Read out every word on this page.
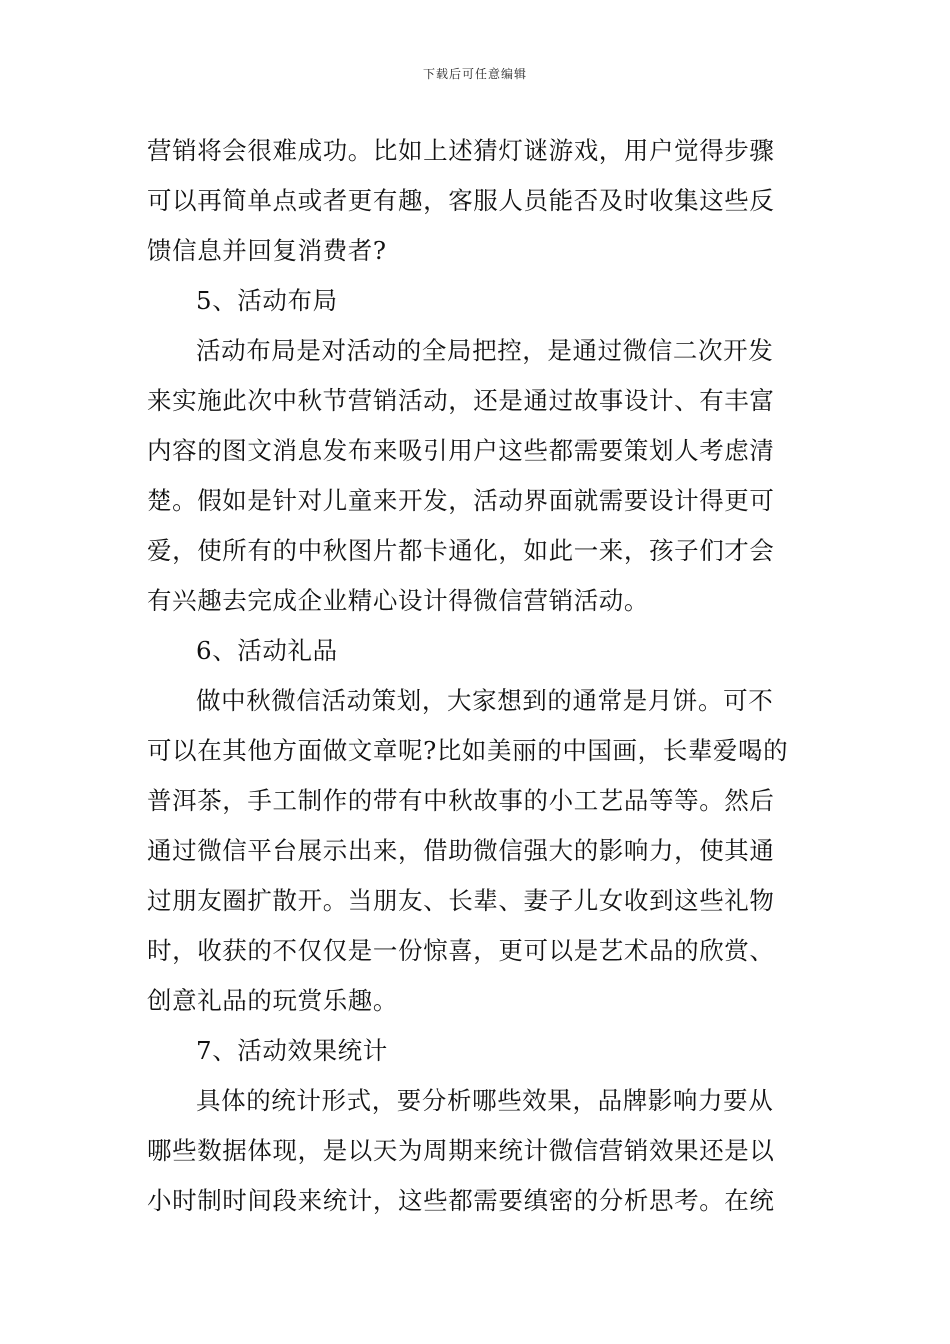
下载后可任意编辑
营销将会很难成功。比如上述猜灯谜游戏，用户觉得步骤
可以再简单点或者更有趣，客服人员能否及时收集这些反
馈信息并回复消费者?
5、活动布局
活动布局是对活动的全局把控，是通过微信二次开发
来实施此次中秋节营销活动，还是通过故事设计、有丰富
内容的图文消息发布来吸引用户这些都需要策划人考虑清
楚。假如是针对儿童来开发，活动界面就需要设计得更可
爱，使所有的中秋图片都卡通化，如此一来，孩子们才会
有兴趣去完成企业精心设计得微信营销活动。
6、活动礼品
做中秋微信活动策划，大家想到的通常是月饼。可不
可以在其他方面做文章呢?比如美丽的中国画，长辈爱喝的
普洱茶，手工制作的带有中秋故事的小工艺品等等。然后
通过微信平台展示出来，借助微信强大的影响力，使其通
过朋友圈扩散开。当朋友、长辈、妻子儿女收到这些礼物
时，收获的不仅仅是一份惊喜，更可以是艺术品的欣赏、
创意礼品的玩赏乐趣。
7、活动效果统计
具体的统计形式，要分析哪些效果，品牌影响力要从
哪些数据体现，是以天为周期来统计微信营销效果还是以
小时制时间段来统计，这些都需要缜密的分析思考。在统
